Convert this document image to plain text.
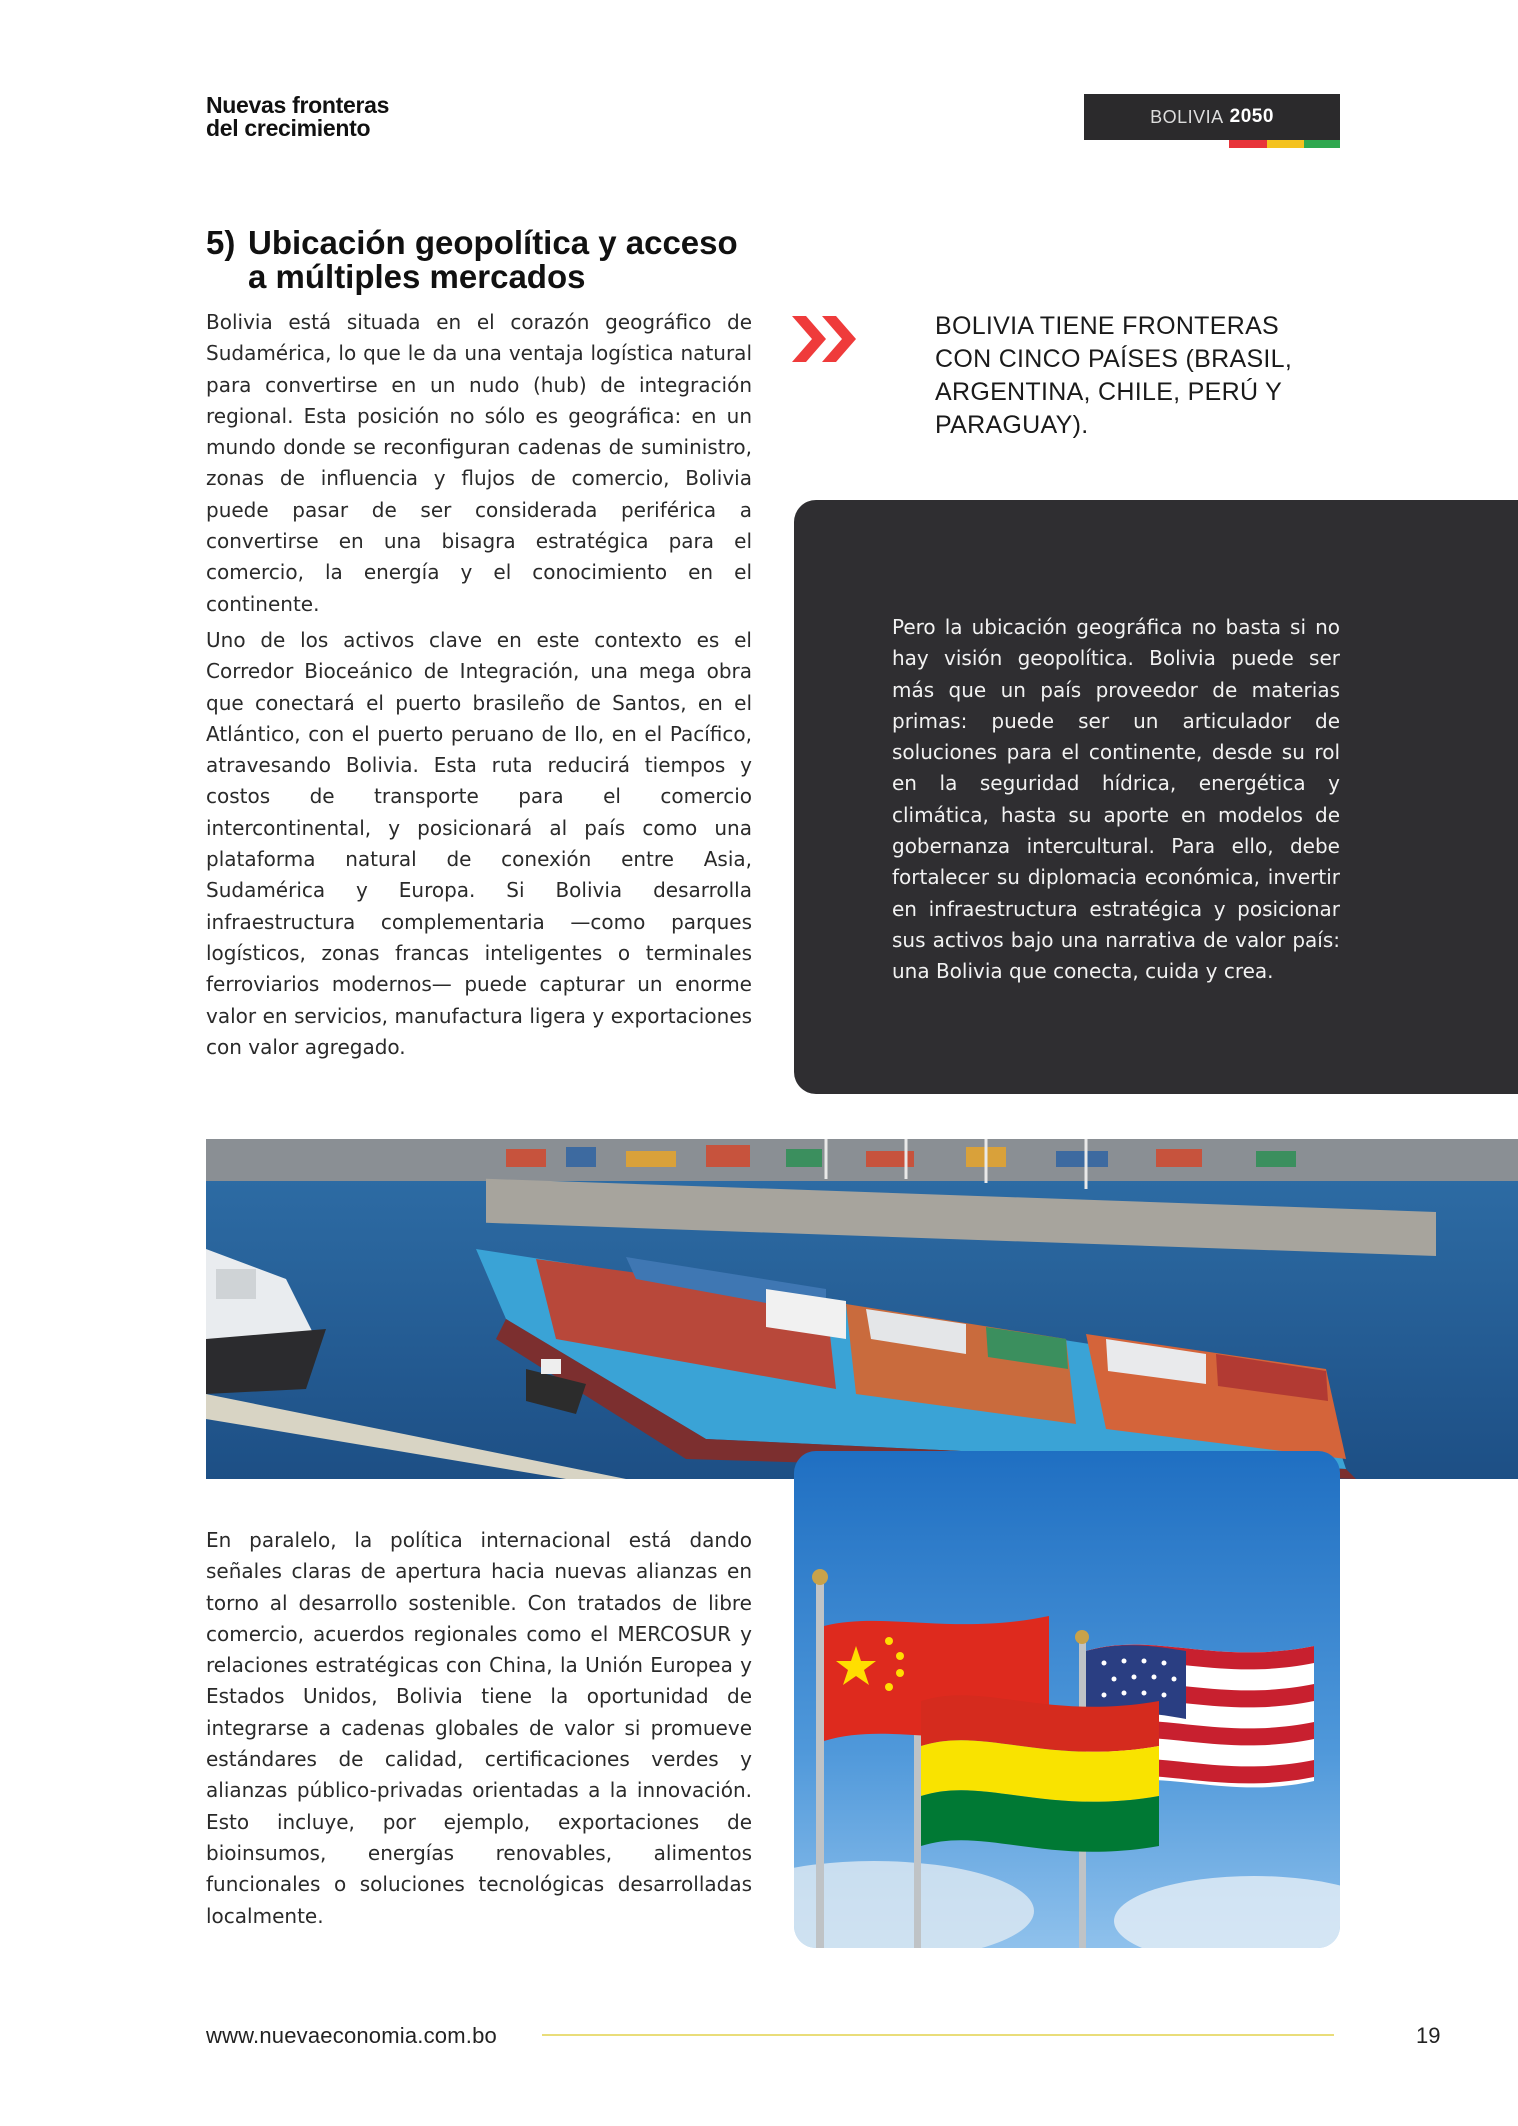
Nuevas fronteras
del crecimiento	BOLIVIA 2050
5) Ubicación geopolítica y acceso
a múltiples mercados

Bolivia está situada en el corazón geográfico de Sudamérica, lo que le da una ventaja logística natural para convertirse en un nudo (hub) de integración regional. Esta posición no sólo es geográfica: en un mundo donde se reconfiguran cadenas de suministro, zonas de influencia y flujos de comercio, Bolivia puede pasar de ser considerada periférica a convertirse en una bisagra estratégica para el comercio, la energía y el conocimiento en el continente.

Uno de los activos clave en este contexto es el Corredor Bioceánico de Integración, una mega obra que conectará el puerto brasileño de Santos, en el Atlántico, con el puerto peruano de Ilo, en el Pacífico, atravesando Bolivia. Esta ruta reducirá tiempos y costos de transporte para el comercio intercontinental, y posicionará al país como una plataforma natural de conexión entre Asia, Sudamérica y Europa. Si Bolivia desarrolla infraestructura complementaria —como parques logísticos, zonas francas inteligentes o terminales ferroviarios modernos— puede capturar un enorme valor en servicios, manufactura ligera y exportaciones con valor agregado.

BOLIVIA TIENE FRONTERAS CON CINCO PAÍSES (BRASIL, ARGENTINA, CHILE, PERÚ Y PARAGUAY).

Pero la ubicación geográfica no basta si no hay visión geopolítica. Bolivia puede ser más que un país proveedor de materias primas: puede ser un articulador de soluciones para el continente, desde su rol en la seguridad hídrica, energética y climática, hasta su aporte en modelos de gobernanza intercultural. Para ello, debe fortalecer su diplomacia económica, invertir en infraestructura estratégica y posicionar sus activos bajo una narrativa de valor país: una Bolivia que conecta, cuida y crea.

En paralelo, la política internacional está dando señales claras de apertura hacia nuevas alianzas en torno al desarrollo sostenible. Con tratados de libre comercio, acuerdos regionales como el MERCOSUR y relaciones estratégicas con China, la Unión Europea y Estados Unidos, Bolivia tiene la oportunidad de integrarse a cadenas globales de valor si promueve estándares de calidad, certificaciones verdes y alianzas público-privadas orientadas a la innovación. Esto incluye, por ejemplo, exportaciones de bioinsumos, energías renovables, alimentos funcionales o soluciones tecnológicas desarrolladas localmente.

www.nuevaeconomia.com.bo	19
